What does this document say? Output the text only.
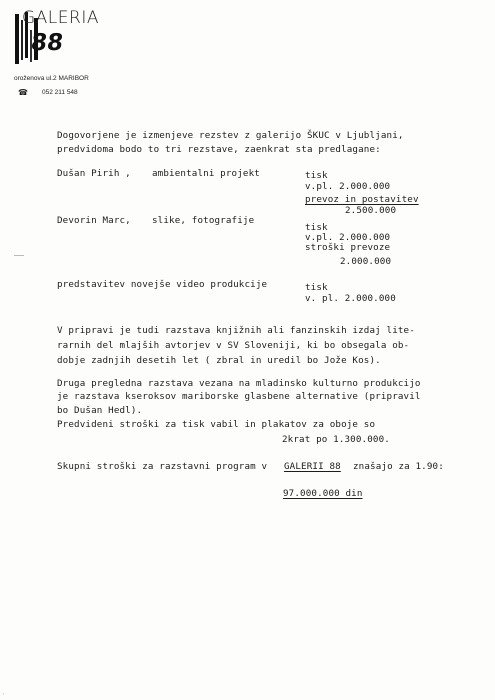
GALERIA
88
oroženova ul.2 MARIBOR
☎ 052 211 548
Dogovorjene je izmenjeve rezstev z galerijo ŠKUC v Ljubljani,
predvidoma bodo to tri rezstave, zaenkrat sta predlagane:
Dušan Pirih , ambientalni projekt	tisk
v.pl. 2.000.000
prevoz in postavitev
2.500.000
Devorin Marc, slike, fotografije
tisk
v.pl. 2.000.000
stroški prevoze
2.000.000
predstavitev novejše video produkcije	tisk
v. pl. 2.000.000
V pripravi je tudi razstava knjižnih ali fanzinskih izdaj lite-
rarnih del mlajših avtorjev v SV Sloveniji, ki bo obsegala ob-
dobje zadnjih desetih let ( zbral in uredil bo Jože Kos).
Druga pregledna razstava vezana na mladinsko kulturno produkcijo
je razstava kseroksov mariborske glasbene alternative (pripravil
bo Dušan Hedl).
Predvideni stroški za tisk vabil in plakatov za oboje so
2krat po 1.300.000.
Skupni stroški za razstavni program v GALERII 88 znašajo za 1.90:
97.000.000 din
·
